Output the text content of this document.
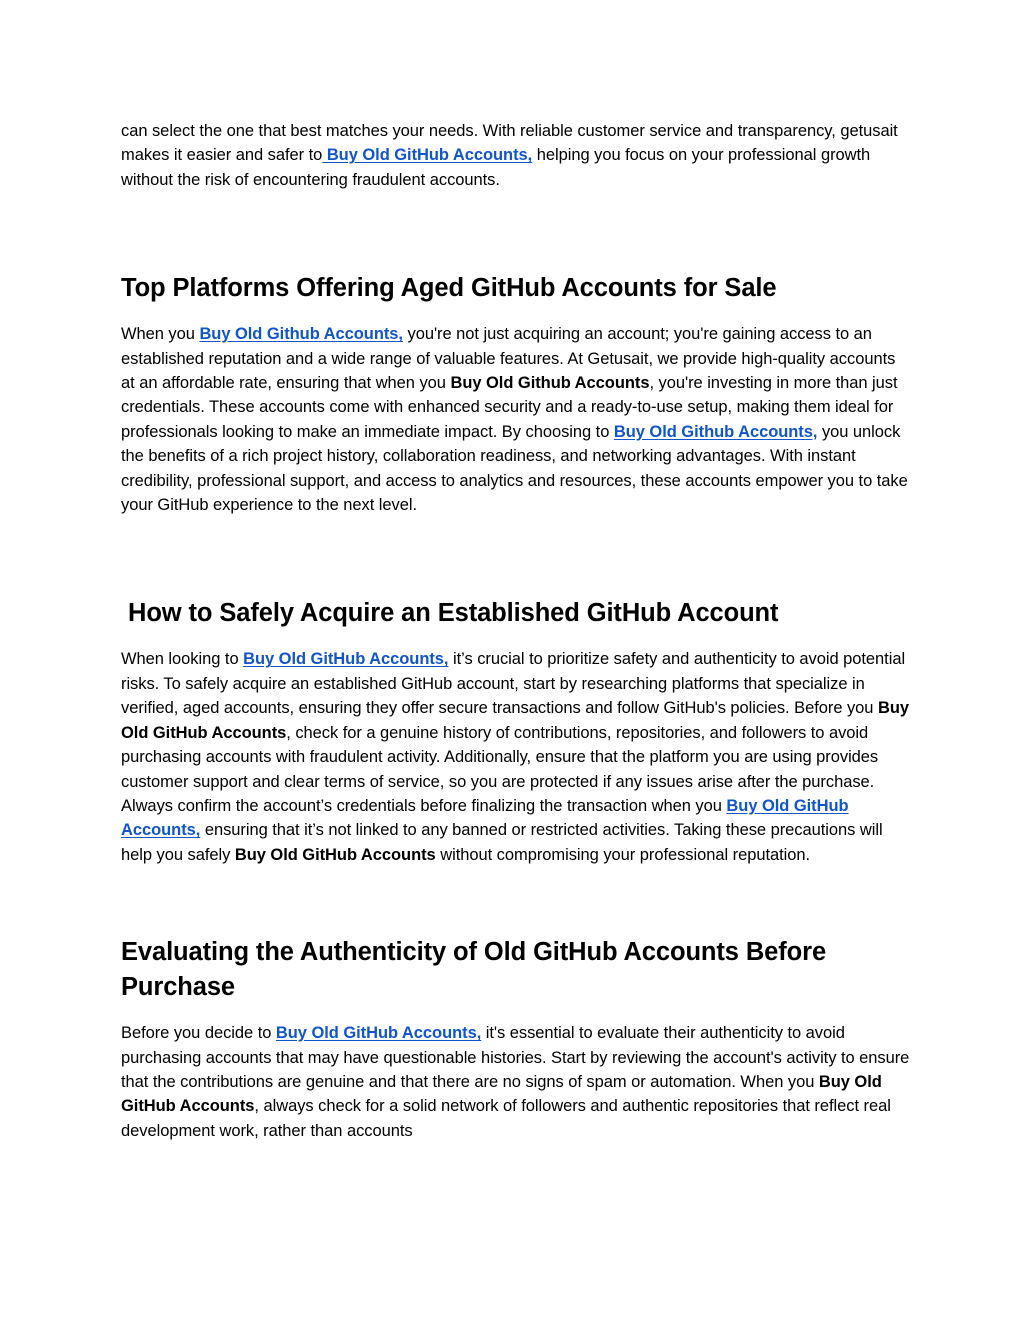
can select the one that best matches your needs. With reliable customer service and transparency, getusait makes it easier and safer to Buy Old GitHub Accounts, helping you focus on your professional growth without the risk of encountering fraudulent accounts.

Top Platforms Offering Aged GitHub Accounts for Sale

When you Buy Old Github Accounts, you're not just acquiring an account; you're gaining access to an established reputation and a wide range of valuable features. At Getusait, we provide high-quality accounts at an affordable rate, ensuring that when you Buy Old Github Accounts, you're investing in more than just credentials. These accounts come with enhanced security and a ready-to-use setup, making them ideal for professionals looking to make an immediate impact. By choosing to Buy Old Github Accounts, you unlock the benefits of a rich project history, collaboration readiness, and networking advantages. With instant credibility, professional support, and access to analytics and resources, these accounts empower you to take your GitHub experience to the next level.

How to Safely Acquire an Established GitHub Account

When looking to Buy Old GitHub Accounts, it’s crucial to prioritize safety and authenticity to avoid potential risks. To safely acquire an established GitHub account, start by researching platforms that specialize in verified, aged accounts, ensuring they offer secure transactions and follow GitHub's policies. Before you Buy Old GitHub Accounts, check for a genuine history of contributions, repositories, and followers to avoid purchasing accounts with fraudulent activity. Additionally, ensure that the platform you are using provides customer support and clear terms of service, so you are protected if any issues arise after the purchase. Always confirm the account’s credentials before finalizing the transaction when you Buy Old GitHub Accounts, ensuring that it’s not linked to any banned or restricted activities. Taking these precautions will help you safely Buy Old GitHub Accounts without compromising your professional reputation.

Evaluating the Authenticity of Old GitHub Accounts Before Purchase

Before you decide to Buy Old GitHub Accounts, it's essential to evaluate their authenticity to avoid purchasing accounts that may have questionable histories. Start by reviewing the account's activity to ensure that the contributions are genuine and that there are no signs of spam or automation. When you Buy Old GitHub Accounts, always check for a solid network of followers and authentic repositories that reflect real development work, rather than accounts
